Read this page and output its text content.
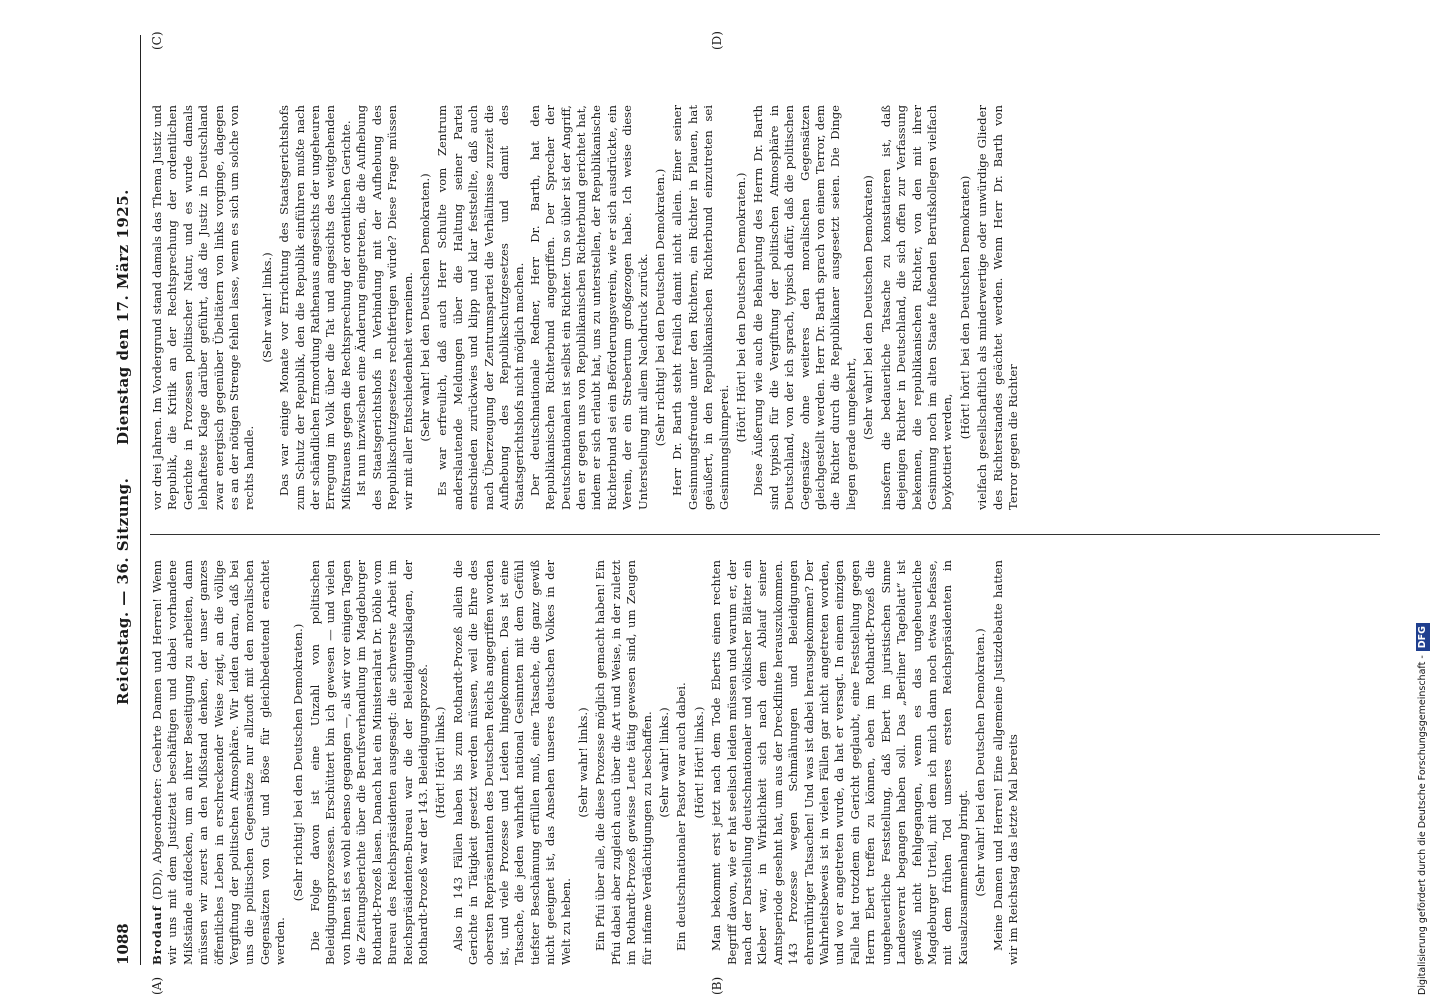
1088
Reichstag. — 36. Sitzung.
Dienstag den 17. März 1925.

Brodauf (DD), Abgeordneter: Geehrte Damen und Herren! Wenn wir uns mit dem Justizetat beschäftigen und dabei vorhandene Mißstände aufdecken, um an ihrer Beseitigung zu arbeiten, dann müssen wir zuerst an den Mißstand denken, der unser ganzes öffentliches Leben in erschreckender Weise zeigt, an die völlige Vergiftung der politischen Atmosphäre. Wir leiden daran, daß bei uns die politischen Gegensätze nur allzuoft mit den moralischen Gegensätzen von Gut und Böse für gleichbedeutend erachtet werden.

(Sehr richtig! bei den Deutschen Demokraten.) Die Folge davon ist eine Unzahl von politischen Beleidigungsprozessen. Erschüttert bin ich gewesen — und vielen von Ihnen ist es wohl ebenso gegangen —, als wir vor einigen Tagen die Zeitungsberichte über die Berufsverhandlung im Magdeburger Rothardt-Prozeß lasen. Danach hat ein Ministerialrat Dr. Döhle vom Bureau des Reichspräsidenten ausgesagt: die schwerste Arbeit im Reichspräsidenten-Bureau war die der Beleidigungsklagen, der Rothardt-Prozeß war der 143. Beleidigungsprozeß. (Hört! Hört! links.) Also in 143 Fällen haben bis zum Rothardt-Prozeß allein die Gerichte in Tätigkeit gesetzt werden müssen, weil die Ehre des obersten Repräsentanten des Deutschen Reichs angegriffen worden ist, und viele Prozesse und Leiden hingekommen. Das ist eine Tatsache, die jeden wahrhaft national Gesinnten mit dem Gefühl tiefster Beschämung erfüllen muß, eine Tatsache, die ganz gewiß nicht geeignet ist, das Ansehen unseres deutschen Volkes in der Welt zu heben.

(Sehr wahr! links.) Ein Pfui über alle, die diese Prozesse möglich gemacht haben! Ein Pfui dabei aber zugleich auch über die Art und Weise, in der zuletzt im Rothardt-Prozeß gewisse Leute tätig gewesen sind, um Zeugen für infame Verdächtigungen zu beschaffen. (Sehr wahr! links.) Ein deutschnationaler Pastor war auch dabei. (Hört! Hört! links.) Man bekommt erst jetzt nach dem Tode Eberts einen rechten Begriff davon, wie er hat seelisch leiden müssen und warum er, der nach der Darstellung deutschnationaler und völkischer Blätter ein Kleber war, in Wirklichkeit sich nach dem Ablauf seiner Amtsperiode gesehnt hat, um aus der Dreckflinte herauszukommen. 143 Prozesse wegen Schmähungen und Beleidigungen ehrenrühriger Tatsachen! Und was ist dabei herausgekommen? Der Wahrheitsbeweis ist in vielen Fällen gar nicht angetreten worden, und wo er angetreten wurde, da hat er versagt. In einem einzigen Falle hat trotzdem ein Gericht geglaubt, eine Feststellung gegen Herrn Ebert treffen zu können, eben im Rothardt-Prozeß die ungeheuerliche Feststellung, daß Ebert im juristischen Sinne Landesverrat begangen haben soll. Das „Berliner Tageblatt“ ist gewiß nicht fehlgegangen, wenn es das ungeheuerliche Magdeburger Urteil, mit dem ich mich dann noch etwas befasse, mit dem frühen Tod unseres ersten Reichspräsidenten in Kausalzusammenhang bringt. (Sehr wahr! bei den Deutschen Demokraten.) Meine Damen und Herren! Eine allgemeine Justizdebatte hatten wir im Reichstag das letzte Mal bereits

vor drei Jahren. Im Vordergrund stand damals das Thema Justiz und Republik, die Kritik an der Rechtsprechung der ordentlichen Gerichte in Prozessen politischer Natur, und es wurde damals lebhafteste Klage darüber geführt, daß die Justiz in Deutschland zwar energisch gegenüber Übeltätern von links vorginge, dagegen es an der nötigen Strenge fehlen lasse, wenn es sich um solche von rechts handle.

(Sehr wahr! links.) Das war einige Monate vor Errichtung des Staatsgerichtshofs zum Schutz der Republik, den die Republik einführen mußte nach der schändlichen Ermordung Rathenaus angesichts der ungeheuren Erregung im Volk über die Tat und angesichts des weitgehenden Mißtrauens gegen die Rechtsprechung der ordentlichen Gerichte. Ist nun inzwischen eine Änderung eingetreten, die die Aufhebung des Staatsgerichtshofs in Verbindung mit der Aufhebung des Republikschutzgesetzes rechtfertigen würde? Diese Frage müssen wir mit aller Entschiedenheit verneinen. (Sehr wahr! bei den Deutschen Demokraten.) Es war erfreulich, daß auch Herr Schulte vom Zentrum anderslautende Meldungen über die Haltung seiner Partei entschieden zurückwies und klipp und klar feststellte, daß auch nach Überzeugung der Zentrumspartei die Verhältnisse zurzeit die Aufhebung des Republikschutzgesetzes und damit des Staatsgerichtshofs nicht möglich machen. Der deutschnationale Redner, Herr Dr. Barth, hat den Republikanischen Richterbund angegriffen. Der Sprecher der Deutschnationalen ist selbst ein Richter. Um so übler ist der Angriff, den er gegen uns von Republikanischen Richterbund gerichtet hat, indem er sich erlaubt hat, uns zu unterstellen, der Republikanische Richterbund sei ein Beförderungsverein, wie er sich ausdrückte, ein Verein, der ein Strebertum großgezogen habe. Ich weise diese Unterstellung mit allem Nachdruck zurück. (Sehr richtig! bei den Deutschen Demokraten.) Herr Dr. Barth steht freilich damit nicht allein. Einer seiner Gesinnungsfreunde unter den Richtern, ein Richter in Plauen, hat geäußert, in den Republikanischen Richterbund einzutreten sei Gesinnungslumperei.

(Hört! Hört! bei den Deutschen Demokraten.) Diese Äußerung wie auch die Behauptung des Herrn Dr. Barth sind typisch für die Vergiftung der politischen Atmosphäre in Deutschland, von der ich sprach, typisch dafür, daß die politischen Gegensätze ohne weiteres den moralischen Gegensätzen gleichgestellt werden. Herr Dr. Barth sprach von einem Terror, dem die Richter durch die Republikaner ausgesetzt seien. Die Dinge liegen gerade umgekehrt, (Sehr wahr! bei den Deutschen Demokraten) insofern die bedauerliche Tatsache zu konstatieren ist, daß diejenigen Richter in Deutschland, die sich offen zur Verfassung bekennen, die republikanischen Richter, von den mit ihrer Gesinnung noch im alten Staate fußenden Berufskollegen vielfach boykottiert werden,

(Hört! hört! bei den Deutschen Demokraten) vielfach gesellschaftlich als minderwertige oder unwürdige Glieder des Richterstandes geächtet werden. Wenn Herr Dr. Barth von Terror gegen die Richter

(A)	(B)
(C)	(D)
Digitalisierung gefördert durch die Deutsche Forschungsgemeinschaft -DFG
